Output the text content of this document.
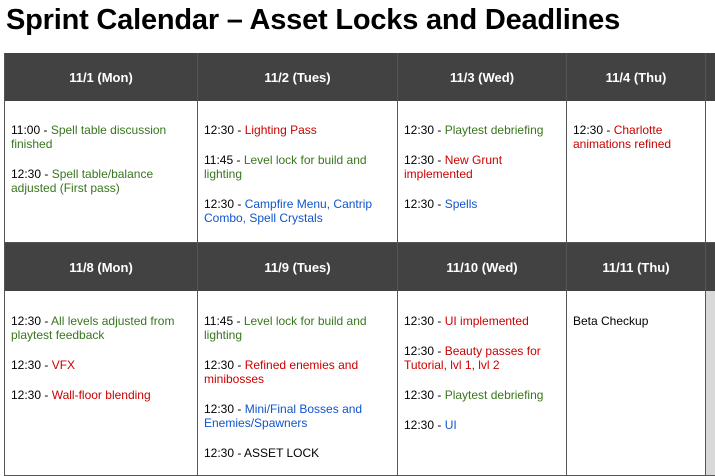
Sprint Calendar – Asset Locks and Deadlines
11/1 (Mon)
11:00 - Spell table discussion finished
12:30 - Spell table/balance adjusted (First pass)
11/2 (Tues)
12:30 - Lighting Pass
11:45 - Level lock for build and lighting
12:30 - Campfire Menu, Cantrip Combo, Spell Crystals
11/3 (Wed)
12:30 - Playtest debriefing
12:30 - New Grunt implemented
12:30 - Spells
11/4 (Thu)
12:30 - Charlotte animations refined
11/8 (Mon)
12:30 - All levels adjusted from playtest feedback
12:30 - VFX
12:30 - Wall-floor blending
11/9 (Tues)
11:45 - Level lock for build and lighting
12:30 - Refined enemies and minibosses
12:30 - Mini/Final Bosses and Enemies/Spawners
12:30 - ASSET LOCK
11/10 (Wed)
12:30 - UI implemented
12:30 - Beauty passes for Tutorial, lvl 1, lvl 2
12:30 - Playtest debriefing
12:30 - UI
11/11 (Thu)
Beta Checkup
